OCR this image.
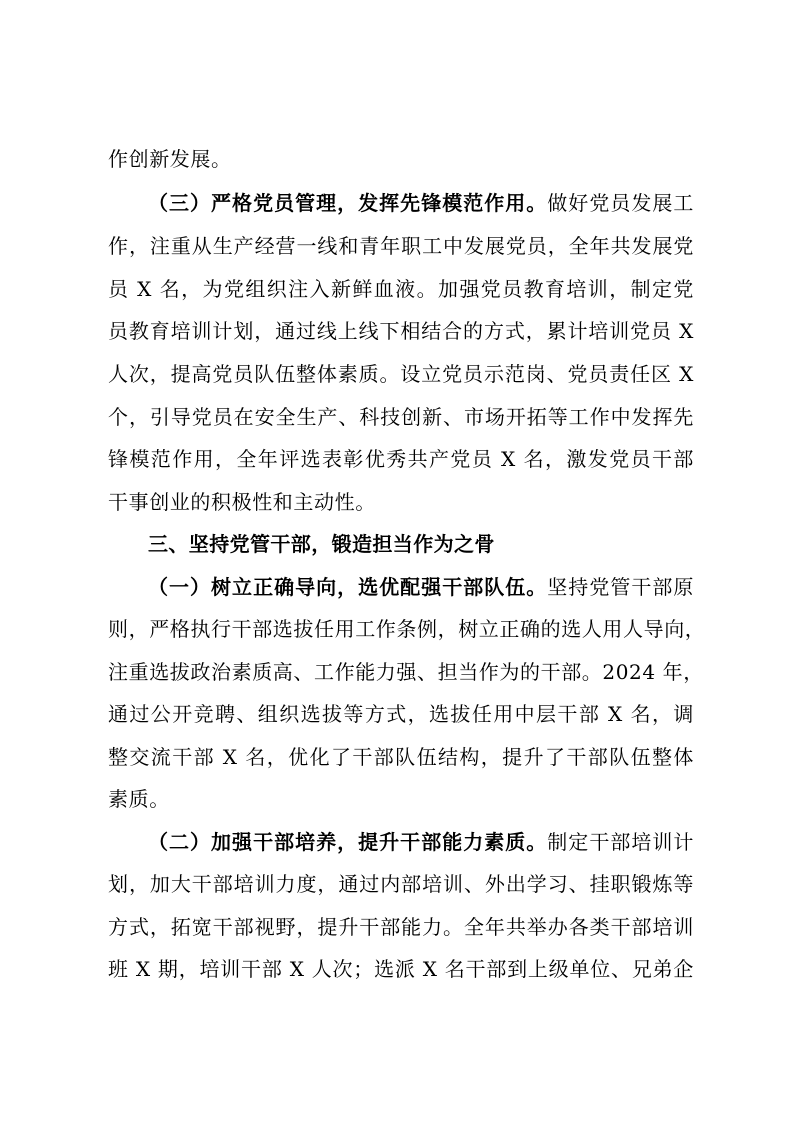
作创新发展。
（三）严格党员管理，发挥先锋模范作用。做好党员发展工
作，注重从生产经营一线和青年职工中发展党员，全年共发展党
员 X 名，为党组织注入新鲜血液。加强党员教育培训，制定党
员教育培训计划，通过线上线下相结合的方式，累计培训党员 X
人次，提高党员队伍整体素质。设立党员示范岗、党员责任区 X
个，引导党员在安全生产、科技创新、市场开拓等工作中发挥先
锋模范作用，全年评选表彰优秀共产党员 X 名，激发党员干部
干事创业的积极性和主动性。
三、坚持党管干部，锻造担当作为之骨
（一）树立正确导向，选优配强干部队伍。坚持党管干部原
则，严格执行干部选拔任用工作条例，树立正确的选人用人导向，
注重选拔政治素质高、工作能力强、担当作为的干部。2024 年，
通过公开竞聘、组织选拔等方式，选拔任用中层干部 X 名，调
整交流干部 X 名，优化了干部队伍结构，提升了干部队伍整体
素质。
（二）加强干部培养，提升干部能力素质。制定干部培训计
划，加大干部培训力度，通过内部培训、外出学习、挂职锻炼等
方式，拓宽干部视野，提升干部能力。全年共举办各类干部培训
班 X 期，培训干部 X 人次；选派 X 名干部到上级单位、兄弟企
